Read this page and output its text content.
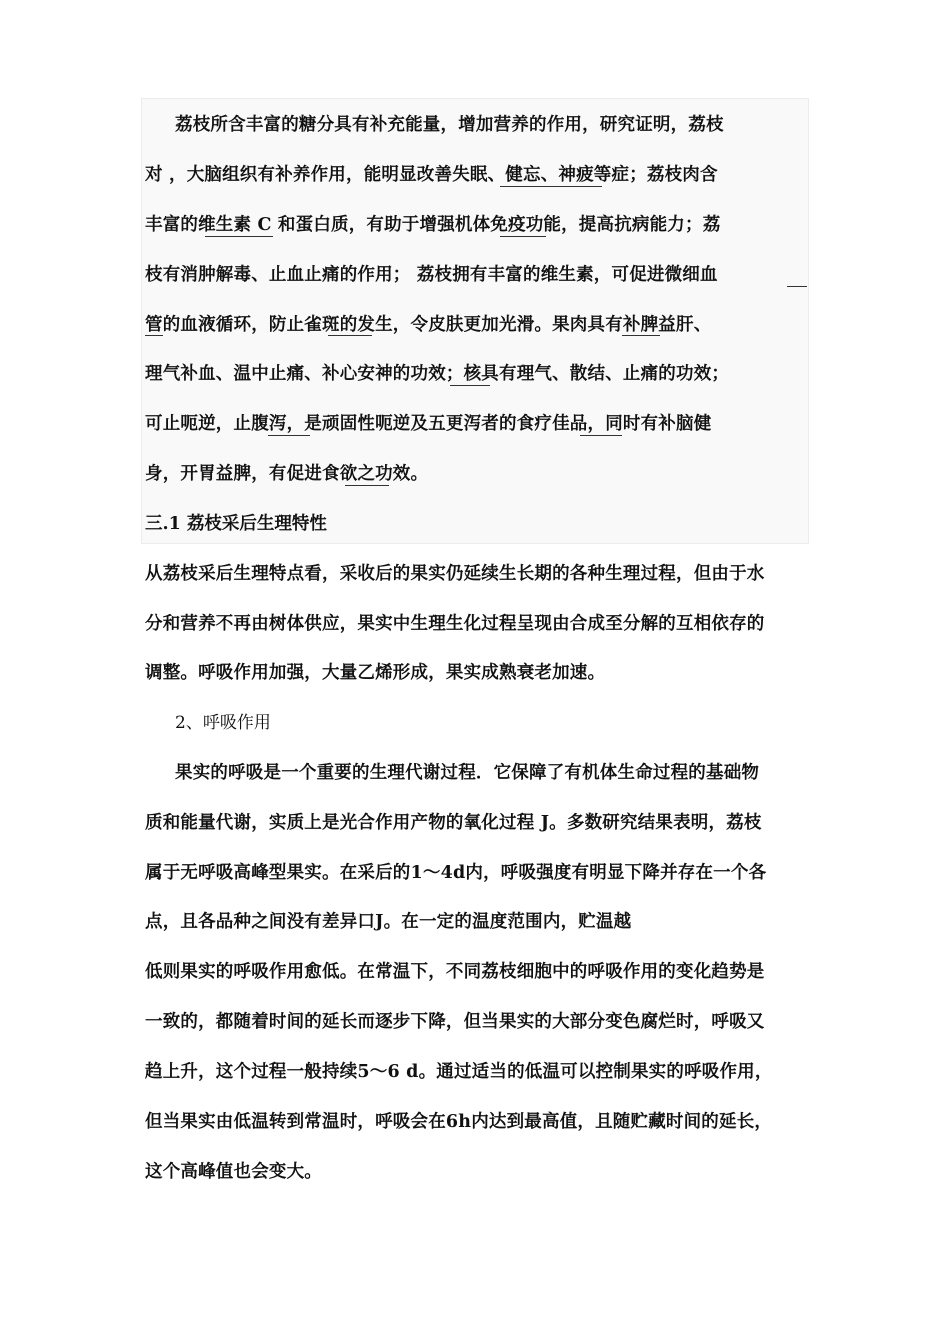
荔枝所含丰富的糖分具有补充能量，增加营养的作用，研究证明，荔枝
对 ，大脑组织有补养作用，能明显改善失眠、健忘、神疲等症；荔枝肉含
丰富的维生素 C 和蛋白质，有助于增强机体免疫功能，提高抗病能力；荔
枝有消肿解毒、止血止痛的作用； 荔枝拥有丰富的维生素，可促进微细血
管的血液循环，防止雀斑的发生，令皮肤更加光滑。果肉具有补脾益肝、
理气补血、温中止痛、补心安神的功效；核具有理气、散结、止痛的功效；
可止呃逆，止腹泻，是顽固性呃逆及五更泻者的食疗佳品，同时有补脑健
身，开胃益脾，有促进食欲之功效。
三.1 荔枝采后生理特性
从荔枝采后生理特点看，采收后的果实仍延续生长期的各种生理过程，但由于水
分和营养不再由树体供应，果实中生理生化过程呈现由合成至分解的互相依存的
调整。呼吸作用加强，大量乙烯形成，果实成熟衰老加速。
2、呼吸作用
果实的呼吸是一个重要的生理代谢过程．它保障了有机体生命过程的基础物
质和能量代谢，实质上是光合作用产物的氧化过程 J。多数研究结果表明，荔枝
属于无呼吸高峰型果实。在采后的1～4d内，呼吸强度有明显下降并存在一个各
点，且各品种之间没有差异口J。在一定的温度范围内，贮温越
低则果实的呼吸作用愈低。在常温下，不同荔枝细胞中的呼吸作用的变化趋势是
一致的，都随着时间的延长而逐步下降，但当果实的大部分变色腐烂时，呼吸又
趋上升，这个过程一般持续5～6 d。通过适当的低温可以控制果实的呼吸作用，
但当果实由低温转到常温时，呼吸会在6h内达到最高值，且随贮藏时间的延长，
这个高峰值也会变大。
